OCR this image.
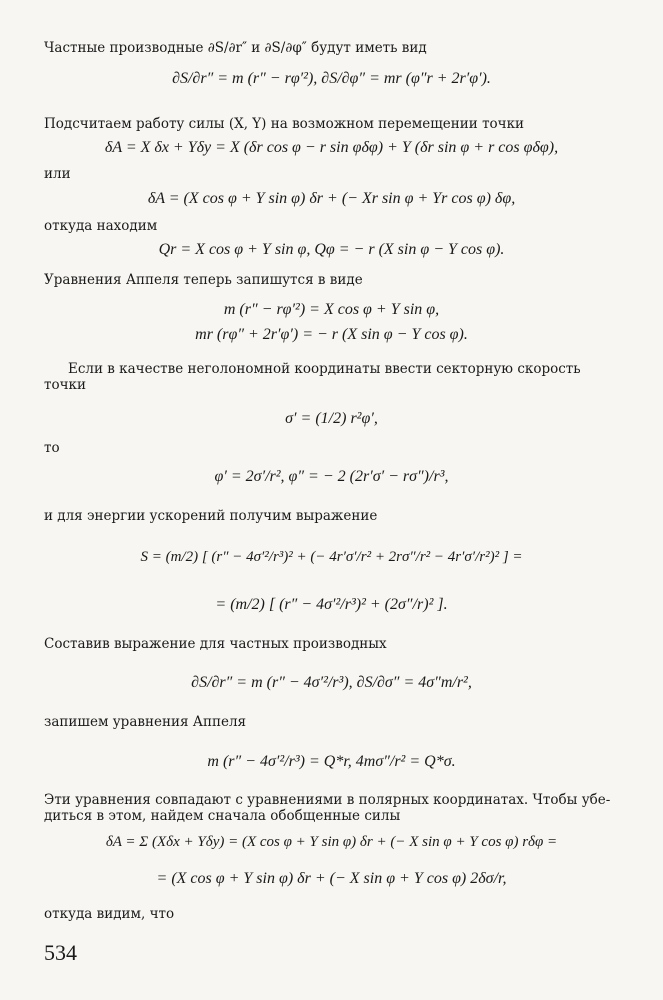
Частные производные ∂S/∂r″ и ∂S/∂φ″ будут иметь вид
∂S/∂r″ = m (r″ − rφ′²), ∂S/∂φ″ = mr (φ″r + 2r′φ′).
Подсчитаем работу силы (X, Y) на возможном перемещении точки
δA = X δx + Yδy = X (δr cos φ − r sin φδφ) + Y (δr sin φ + r cos φδφ),
или
δA = (X cos φ + Y sin φ) δr + (− Xr sin φ + Yr cos φ) δφ,
откуда находим
Qr = X cos φ + Y sin φ, Qφ = − r (X sin φ − Y cos φ).
Уравнения Аппеля теперь запишутся в виде
m (r″ − rφ′²) = X cos φ + Y sin φ,
mr (rφ″ + 2r′φ′) = − r (X sin φ − Y cos φ).
Если в качестве неголономной координаты ввести секторную скорость
точки
σ′ = (1/2) r²φ′,
то
φ′ = 2σ′/r², φ″ = − 2 (2r′σ′ − rσ″)/r³,
и для энергии ускорений получим выражение
S = (m/2) [ (r″ − 4σ′²/r³)² + (− 4r′σ′/r² + 2rσ″/r² − 4r′σ′/r²)² ] =
= (m/2) [ (r″ − 4σ′²/r³)² + (2σ″/r)² ].
Составив выражение для частных производных
∂S/∂r″ = m (r″ − 4σ′²/r³), ∂S/∂σ″ = 4σ″m/r²,
запишем уравнения Аппеля
m (r″ − 4σ′²/r³) = Q*r, 4mσ″/r² = Q*σ.
Эти уравнения совпадают с уравнениями в полярных координатах. Чтобы убе-
диться в этом, найдем сначала обобщенные силы
δA = Σ (Xδx + Yδy) = (X cos φ + Y sin φ) δr + (− X sin φ + Y cos φ) rδφ =
= (X cos φ + Y sin φ) δr + (− X sin φ + Y cos φ) 2δσ/r,
откуда видим, что
534
